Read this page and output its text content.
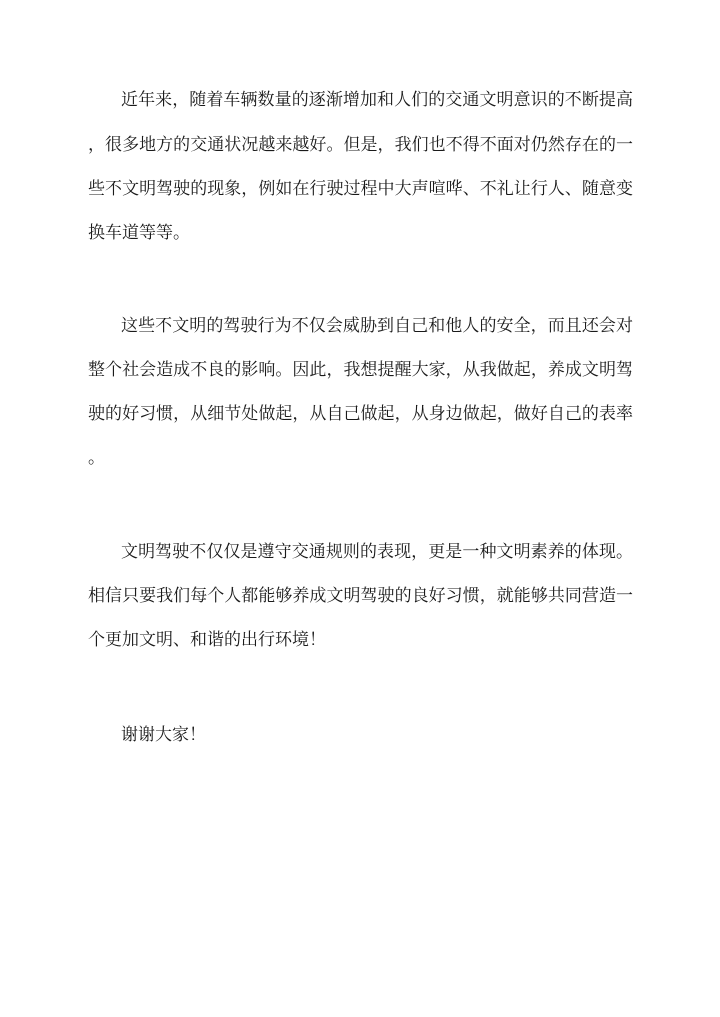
近年来，随着车辆数量的逐渐增加和人们的交通文明意识的不断提高
，很多地方的交通状况越来越好。但是，我们也不得不面对仍然存在的一
些不文明驾驶的现象，例如在行驶过程中大声喧哗、不礼让行人、随意变
换车道等等。
这些不文明的驾驶行为不仅会威胁到自己和他人的安全，而且还会对
整个社会造成不良的影响。因此，我想提醒大家，从我做起，养成文明驾
驶的好习惯，从细节处做起，从自己做起，从身边做起，做好自己的表率
。
文明驾驶不仅仅是遵守交通规则的表现，更是一种文明素养的体现。
相信只要我们每个人都能够养成文明驾驶的良好习惯，就能够共同营造一
个更加文明、和谐的出行环境！
谢谢大家！
